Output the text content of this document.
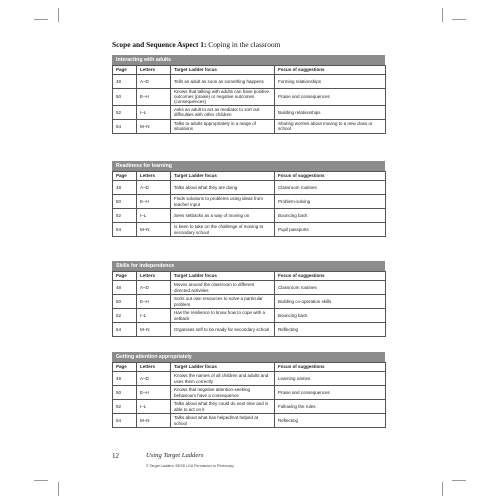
Scope and Sequence Aspect 1: Coping in the classroom
Interacting with adults
Page	Letters	Target Ladder focus	Focus of suggestions
48	A–D	Tells an adult as soon as something happens	Forming relationships
50	E–H	Knows that talking with adults can have positive outcomes (praise) or negative outcomes (consequences)	Praise and consequences
52	I–L	Asks an adult to act as mediator to sort out difficulties with other children	Building relationships
54	M–N	Talks to adults appropriately in a range of situations	Sharing worries about moving to a new class or school
Readiness for learning
Page	Letters	Target Ladder focus	Focus of suggestions
48	A–D	Talks about what they are doing	Classroom routines
50	E–H	Finds solutions to problems using ideas from teacher input	Problem-solving
52	I–L	Sees setbacks as a way of moving on	Bouncing back
54	M–N	Is keen to take on the challenge of moving to secondary school	Pupil passports
Skills for independence
Page	Letters	Target Ladder focus	Focus of suggestions
48	A–D	Moves around the classroom to different directed activities	Classroom routines
50	E–H	Sorts out own resources to solve a particular problem	Building co-operation skills
52	I–L	Has the resilience to know how to cope with a setback	Bouncing back
54	M–N	Organises self to be ready for secondary school	Reflecting
Getting attention appropriately
Page	Letters	Target Ladder focus	Focus of suggestions
48	A–D	Knows the names of all children and adults and uses them correctly	Learning names
50	E–H	Knows that negative attention-seeking behaviours have a consequence	Praise and consequences
52	I–L	Talks about what they could do next time and is able to act on it	Following the rules
54	M–N	Talks about what has helped/not helped at school	Reflecting
12	Using Target Ladders
© Target Ladders: BESD LDA Permission to Photocopy
